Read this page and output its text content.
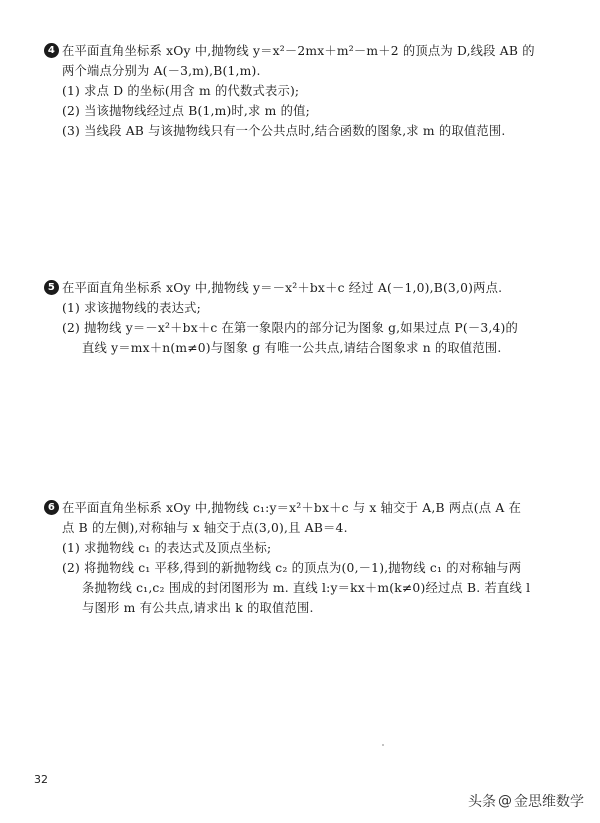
4 在平面直角坐标系 xOy 中,抛物线 y＝x²－2mx＋m²－m＋2 的顶点为 D,线段 AB 的
两个端点分别为 A(－3,m),B(1,m).
(1) 求点 D 的坐标(用含 m 的代数式表示);
(2) 当该抛物线经过点 B(1,m)时,求 m 的值;
(3) 当线段 AB 与该抛物线只有一个公共点时,结合函数的图象,求 m 的取值范围.
5 在平面直角坐标系 xOy 中,抛物线 y＝－x²＋bx＋c 经过 A(－1,0),B(3,0)两点.
(1) 求该抛物线的表达式;
(2) 抛物线 y＝－x²＋bx＋c 在第一象限内的部分记为图象 g,如果过点 P(－3,4)的
直线 y＝mx＋n(m≠0)与图象 g 有唯一公共点,请结合图象求 n 的取值范围.
6 在平面直角坐标系 xOy 中,抛物线 c₁:y＝x²＋bx＋c 与 x 轴交于 A,B 两点(点 A 在
点 B 的左侧),对称轴与 x 轴交于点(3,0),且 AB＝4.
(1) 求抛物线 c₁ 的表达式及顶点坐标;
(2) 将抛物线 c₁ 平移,得到的新抛物线 c₂ 的顶点为(0,－1),抛物线 c₁ 的对称轴与两
条抛物线 c₁,c₂ 围成的封闭图形为 m. 直线 l:y＝kx＋m(k≠0)经过点 B. 若直线 l
与图形 m 有公共点,请求出 k 的取值范围.
32
头条 @ 金思维数学
